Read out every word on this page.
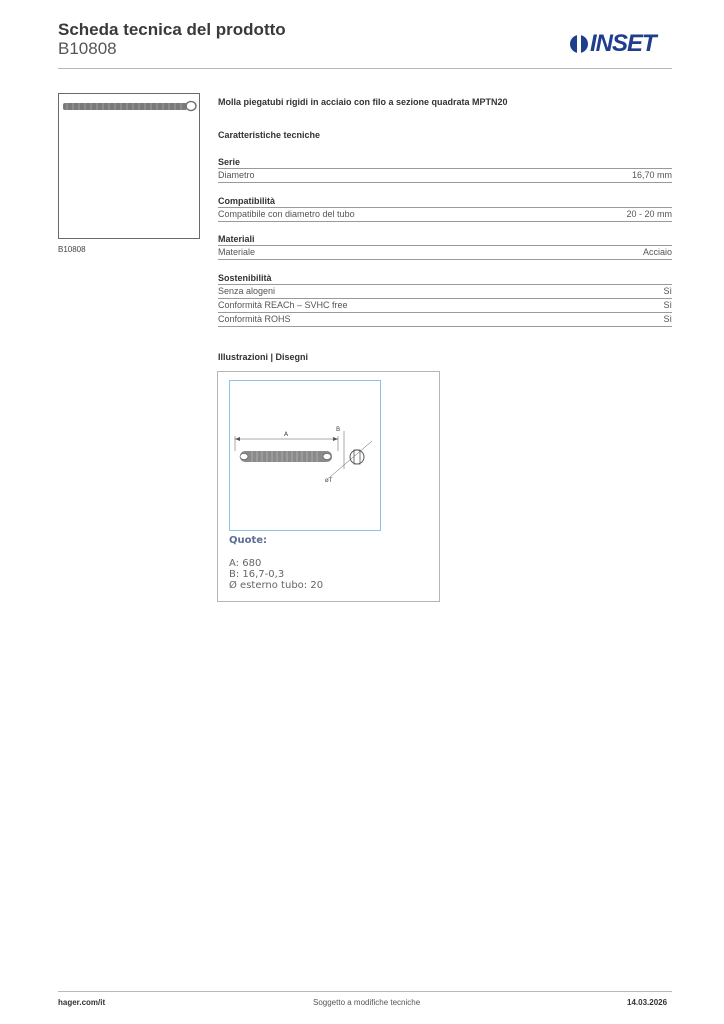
Scheda tecnica del prodotto
B10808	INSET
B10808
Molla piegatubi rigidi in acciaio con filo a sezione quadrata MPTN20
Caratteristiche tecniche
Serie
Diametro	16,70 mm
Compatibilità
Compatibile con diametro del tubo	20 - 20 mm
Materiali
Materiale	Acciaio
Sostenibilità
Senza alogeni	Sì
Conformità REACh – SVHC free	Sì
Conformità ROHS	Sì
Illustrazioni | Disegni
A
B
øT
Quote:
A: 680
B: 16,7-0,3
Ø esterno tubo: 20
hager.com/it	Soggetto a modifiche tecniche	14.03.2026
